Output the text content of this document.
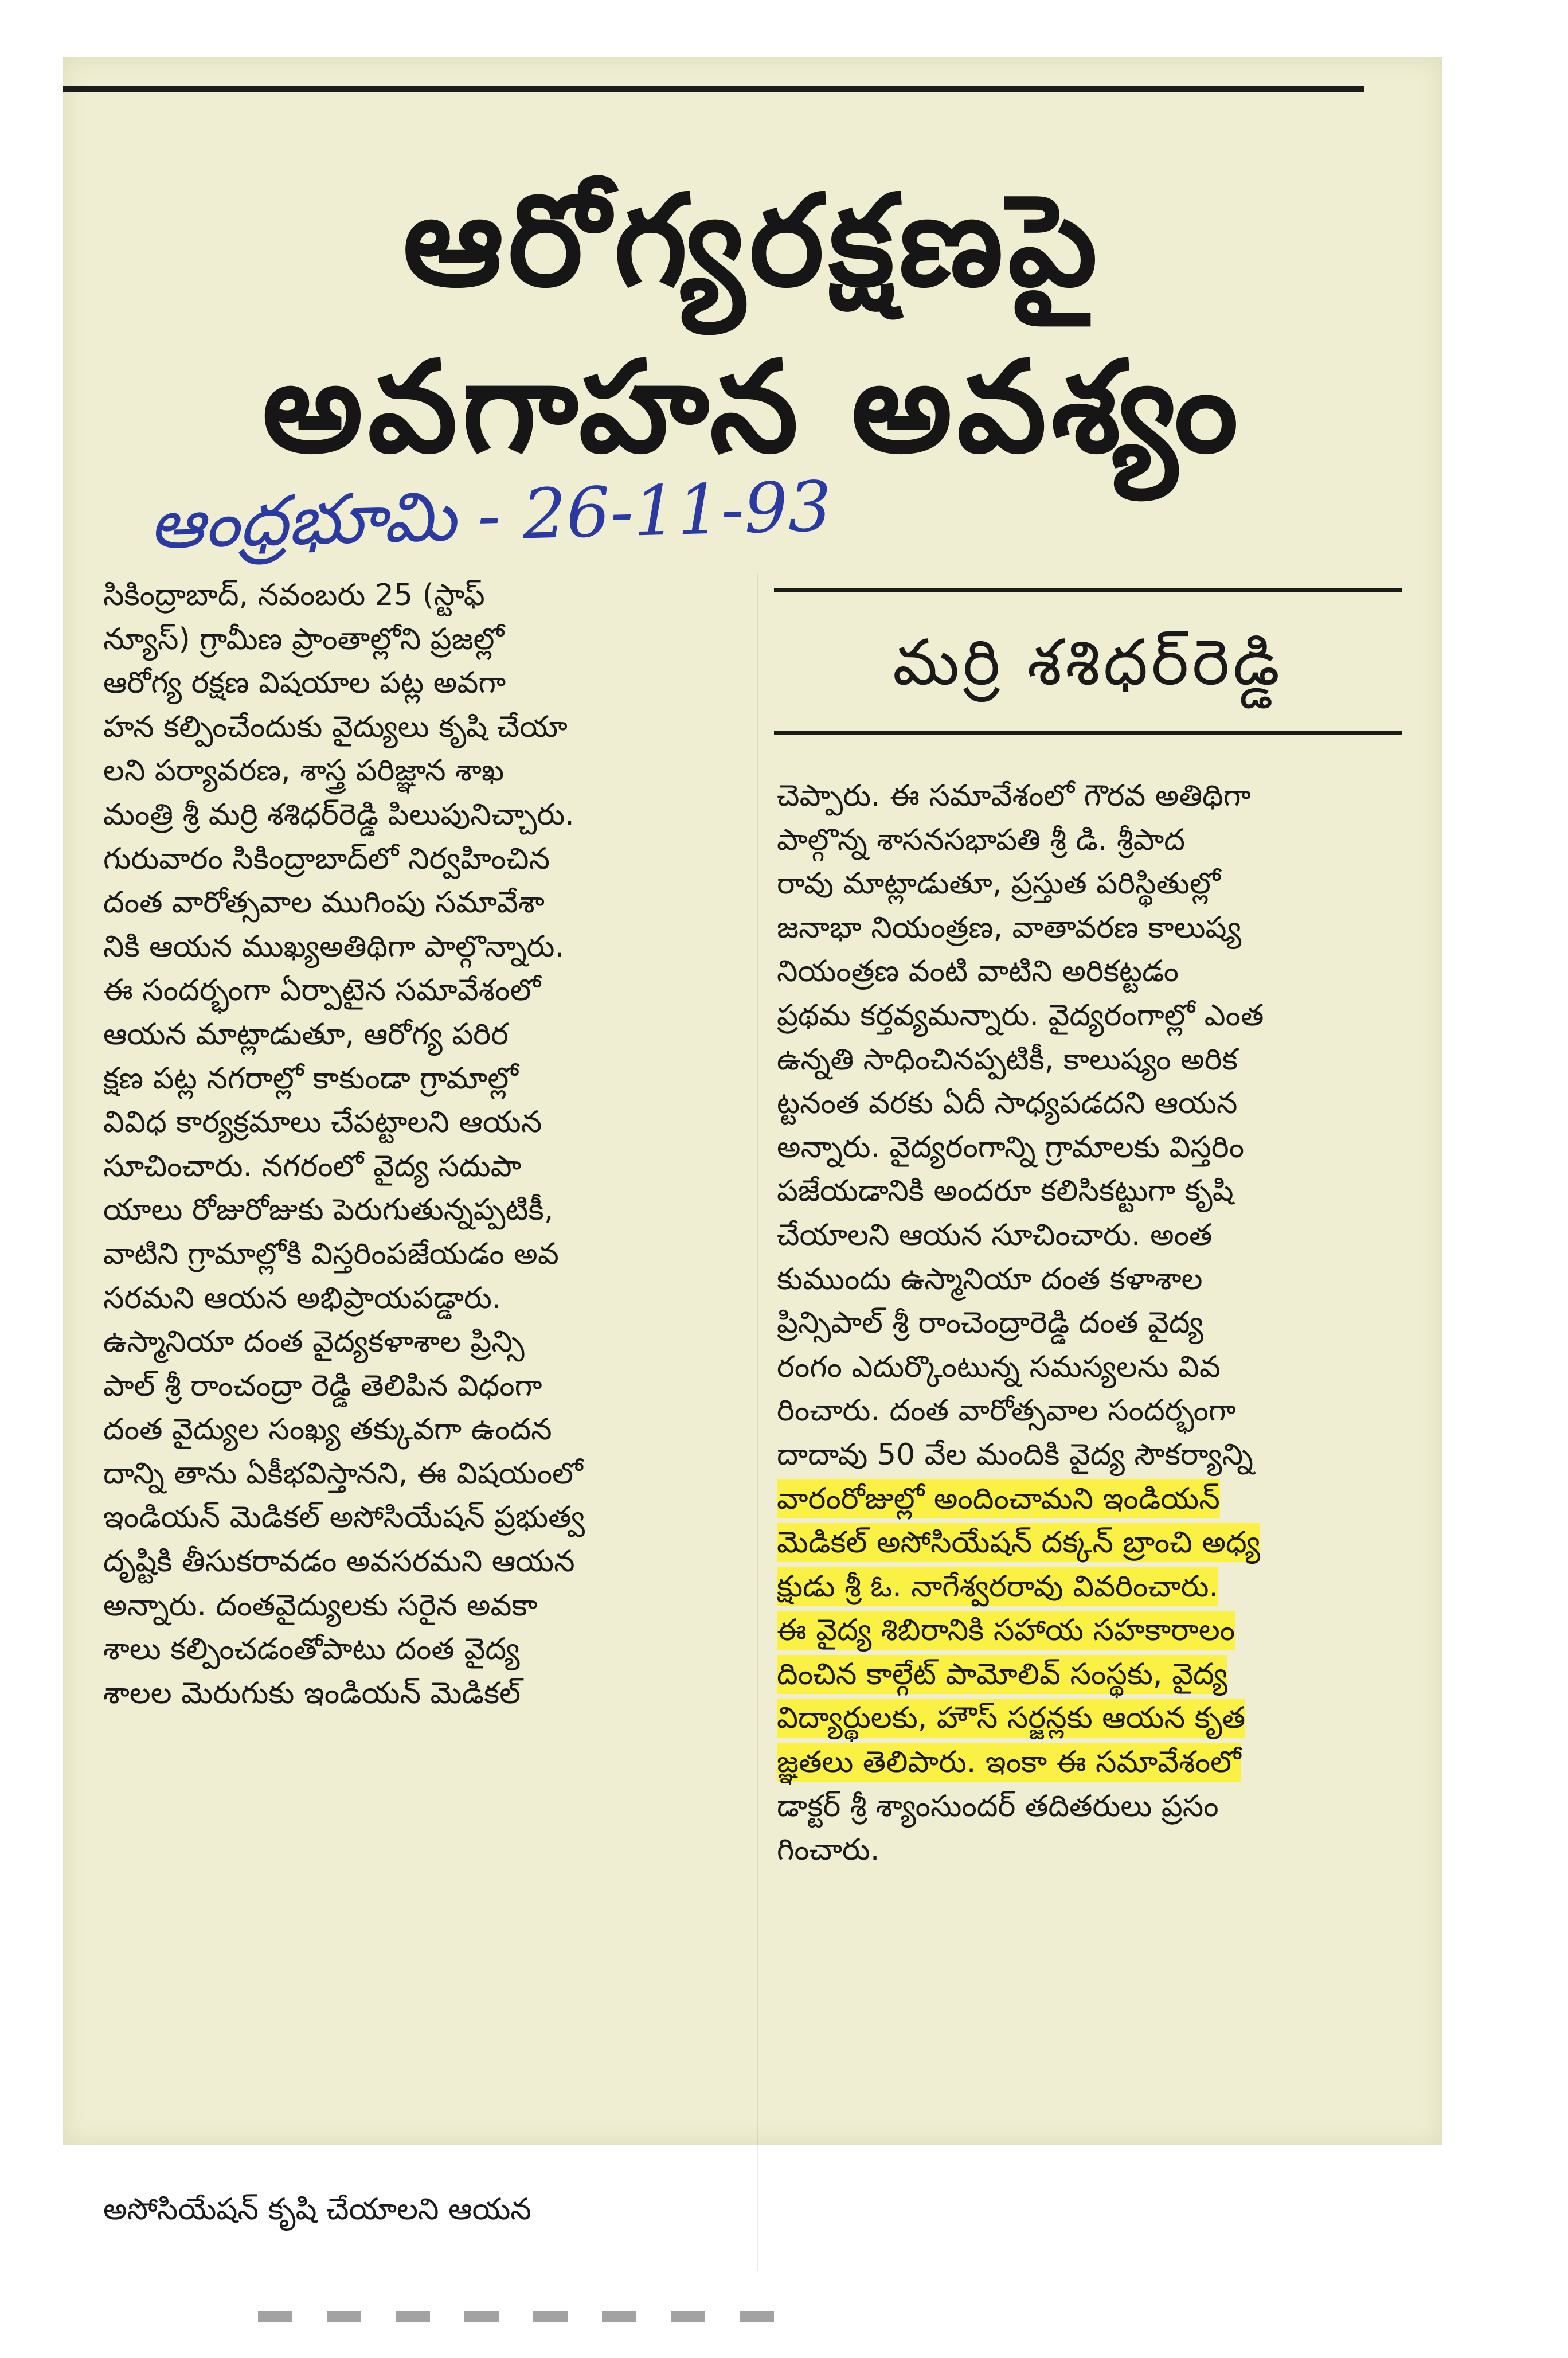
ఆరోగ్యరక్షణపై
అవగాహన అవశ్యం
ఆంధ్రభూమి - 26-11-93
మర్రి శశిధర్‌రెడ్డి
సికింద్రాబాద్, నవంబరు 25 (స్టాఫ్
న్యూస్) గ్రామీణ ప్రాంతాల్లోని ప్రజల్లో
ఆరోగ్య రక్షణ విషయాల పట్ల అవగా
హన కల్పించేందుకు వైద్యులు కృషి చేయా
లని పర్యావరణ, శాస్త్ర పరిజ్ఞాన శాఖ
మంత్రి శ్రీ మర్రి శశిధర్‌రెడ్డి పిలుపునిచ్చారు.
గురువారం సికింద్రాబాద్‌లో నిర్వహించిన
దంత వారోత్సవాల ముగింపు సమావేశా
నికి ఆయన ముఖ్యఅతిథిగా పాల్గొన్నారు.
ఈ సందర్భంగా ఏర్పాటైన సమావేశంలో
ఆయన మాట్లాడుతూ, ఆరోగ్య పరిర
క్షణ పట్ల నగరాల్లో కాకుండా గ్రామాల్లో
వివిధ కార్యక్రమాలు చేపట్టాలని ఆయన
సూచించారు. నగరంలో వైద్య సదుపా
యాలు రోజురోజుకు పెరుగుతున్నప్పటికీ,
వాటిని గ్రామాల్లోకి విస్తరింపజేయడం అవ
సరమని ఆయన అభిప్రాయపడ్డారు.
ఉస్మానియా దంత వైద్యకళాశాల ప్రిన్సి
పాల్ శ్రీ రాంచంద్రా రెడ్డి తెలిపిన విధంగా
దంత వైద్యుల సంఖ్య తక్కువగా ఉందన
దాన్ని తాను ఏకీభవిస్తానని, ఈ విషయంలో
ఇండియన్ మెడికల్ అసోసియేషన్ ప్రభుత్వ
దృష్టికి తీసుకరావడం అవసరమని ఆయన
అన్నారు. దంతవైద్యులకు సరైన అవకా
శాలు కల్పించడంతోపాటు దంత వైద్య
శాలల మెరుగుకు ఇండియన్ మెడికల్
అసోసియేషన్ కృషి చేయాలని ఆయన
చెప్పారు. ఈ సమావేశంలో గౌరవ అతిథిగా
పాల్గొన్న శాసనసభాపతి శ్రీ డి. శ్రీపాద
రావు మాట్లాడుతూ, ప్రస్తుత పరిస్థితుల్లో
జనాభా నియంత్రణ, వాతావరణ కాలుష్య
నియంత్రణ వంటి వాటిని అరికట్టడం
ప్రథమ కర్తవ్యమన్నారు. వైద్యరంగాల్లో ఎంత
ఉన్నతి సాధించినప్పటికీ, కాలుష్యం అరిక
ట్టనంత వరకు ఏదీ సాధ్యపడదని ఆయన
అన్నారు. వైద్యరంగాన్ని గ్రామాలకు విస్తరిం
పజేయడానికి అందరూ కలిసికట్టుగా కృషి
చేయాలని ఆయన సూచించారు. అంత
కుముందు ఉస్మానియా దంత కళాశాల
ప్రిన్సిపాల్ శ్రీ రాంచెంద్రారెడ్డి దంత వైద్య
రంగం ఎదుర్కొంటున్న సమస్యలను వివ
రించారు. దంత వారోత్సవాల సందర్భంగా
దాదావు 50 వేల మందికి వైద్య సౌకర్యాన్ని
వారంరోజుల్లో అందించామని ఇండియన్
మెడికల్ అసోసియేషన్ దక్కన్ బ్రాంచి అధ్య
క్షుడు శ్రీ ఓ. నాగేశ్వరరావు వివరించారు.
ఈ వైద్య శిబిరానికి సహాయ సహకారాలం
దించిన కాల్గేట్ పామోలివ్ సంస్థకు, వైద్య
విద్యార్థులకు, హౌస్ సర్జన్లకు ఆయన కృత
జ్ఞతలు తెలిపారు. ఇంకా ఈ సమావేశంలో
డాక్టర్ శ్రీ శ్యాంసుందర్ తదితరులు ప్రసం
గించారు.
